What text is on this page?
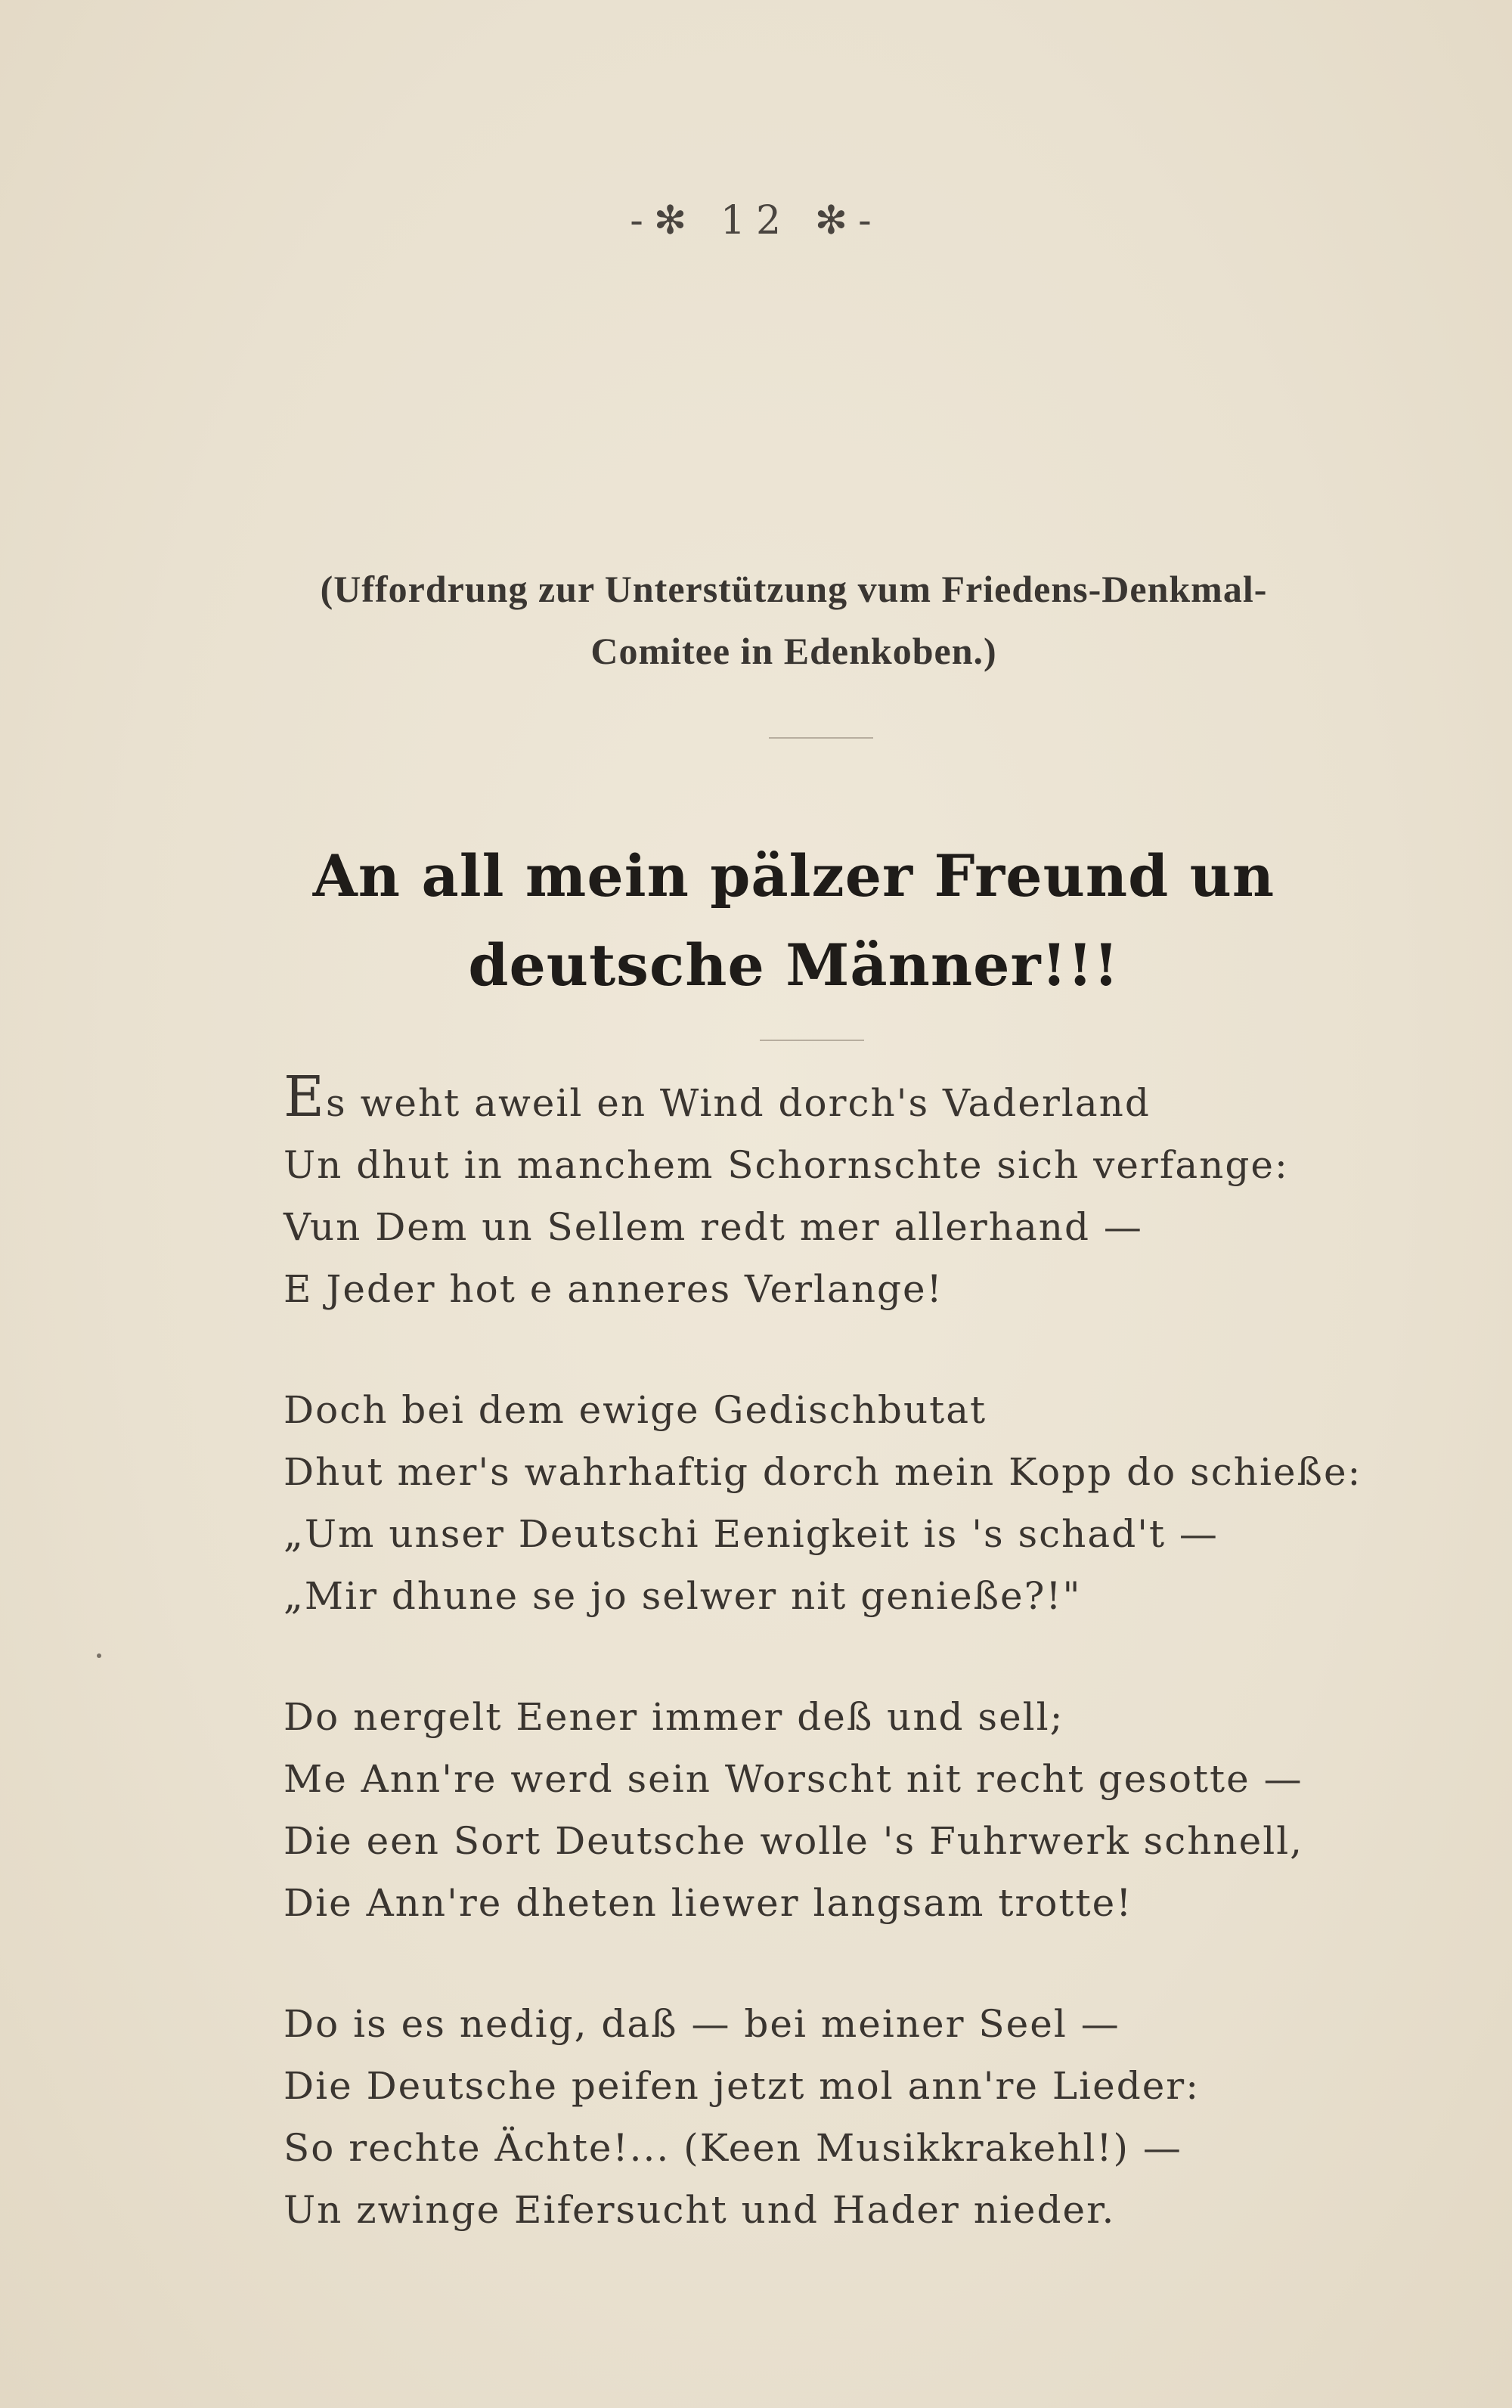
-✻ 12 ✻-
(Uffordrung zur Unterstützung vum Friedens-Denkmal-
Comitee in Edenkoben.)
An all mein pälzer Freund un
deutsche Männer!!!
Es weht aweil en Wind dorch's Vaderland
Un dhut in manchem Schornschte sich verfange:
Vun Dem un Sellem redt mer allerhand —
E Jeder hot e anneres Verlange!
Doch bei dem ewige Gedischbutat
Dhut mer's wahrhaftig dorch mein Kopp do schieße:
„Um unser Deutschi Eenigkeit is 's schad't —
„Mir dhune se jo selwer nit genieße?!"
Do nergelt Eener immer deß und sell;
Me Ann're werd sein Worscht nit recht gesotte —
Die een Sort Deutsche wolle 's Fuhrwerk schnell,
Die Ann're dheten liewer langsam trotte!
Do is es nedig, daß — bei meiner Seel —
Die Deutsche peifen jetzt mol ann're Lieder:
So rechte Ächte!... (Keen Musikkrakehl!) —
Un zwinge Eifersucht und Hader nieder.
